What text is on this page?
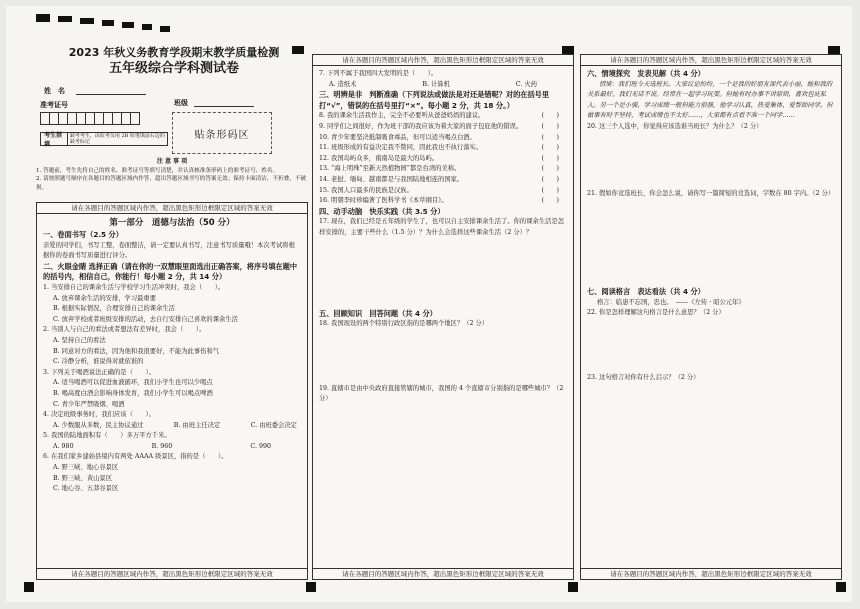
2023 年秋义务教育学段期末教学质量检测
五年级综合学科测试卷
姓　名
准考证号	班级
贴条形码区
考生禁填
缺考考生，由监考员用 2B 铅笔填涂右边的缺考标记
注 意 事 项
1. 答题前，考生先将自己的姓名、准考证号等填写清楚，并认真核准条形码上的准考证号、姓名。
2. 请按照题号顺序在各题目的答题区域内作答，超出答题区域书写的答案无效；保持卡面清洁，不折叠，不破损。
请在各题目的答题区域内作答，超出黑色矩形边框限定区域的答案无效
第一部分　道德与法治（50 分）
一、卷面书写（2.5 分）
亲爱的同学们，书写工整，卷面整洁，请一定要认真书写，注意书写质量哦！本次考试将根据你的卷面书写质量进行评分。
二、火眼金睛 选择正确（请在你的一双慧眼里面选出正确答案，将序号填在题中的括号内，相信自己，你能行！每小题 2 分，共 14 分）
1. 当安排自己的课余生活与学校学习生活冲突时，我会（　　）。
A. 放弃课余生活的安排，学习最重要
B. 根据实际情况，合理安排自己的课余生活
C. 放弃学校或者班级安排的活动，去自行安排自己喜欢的课余生活
2. 当别人与自己的看法或者想法有差异时，我会（　　）。
A. 坚持自己的看法
B. 同意对方的看法，因为他和我很要好，不能为此事伤和气
C. 冷静分析，谁说得对就依谁的
3. 下列关于喝酒说法正确的是（　　）。
A. 适当喝酒可以促进血液循环，我们小学生也可以少喝点
B. 喝高度白酒会影响身体发育，我们小学生可以喝点啤酒
C. 青少年严禁吸烟、喝酒
4. 决定班级事务时，我们应该（　　）。
A. 少数服从多数，民主协议通过	B. 由班主任决定	C. 由班委会决定
5. 我国的陆地面积有（　　）多万平方千米。
A. 980	B. 960	C. 990
6. 在我们家乡建始县境内有两处 AAAA 级景区，指的是（　　）。
A. 野三峡、地心谷景区
B. 野三峡、黄山景区
C. 地心谷、五莽谷景区
请在各题目的答题区域内作答，超出黑色矩形边框限定区域的答案无效
请在各题目的答题区域内作答，超出黑色矩形边框限定区域的答案无效
7. 下列不属于我国四大发明的是（　　）。
A. 造纸术	B. 计算机	C. 火药
三、明辨是非　判断准确（下列说法或做法是对还是错呢？对的在括号里打“√”，错误的在括号里打“×”。每小题 2 分，共 18 分。）
8. 我的课余生活我作主，完全不必要听从爸爸妈妈的建议。	(　　)
9. 同学们之间很好，作为班干部的我应该为着大家的面子包庇他的错误。	(　　)
10. 青少年要坚决抵制吸食毒品，但可以适当喝点白酒。	(　　)
11. 班级形成的有益决定我不赞同，因此我也不执行落实。	(　　)
12. 我国岛屿众多，南南岛是最大的岛屿。	(　　)
13. “海上明珠”至新天然植物园”都是台湾的美称。	(　　)
14. 老挝、缅甸、越南都是与我国陆地相连的国家。	(　　)
15. 我国人口最多的民族是汉族。	(　　)
16. 明朝李时珍编著了医科学书《本草纲目》。	(　　)
四、动手动脑　快乐实践（共 3.5 分）
17. 现在，我们已经是五年级的学生了，也可以自主安排课余生活了。你的课余生活是怎样安排的，主要干些什么（1.5 分）？为什么会选择这些课余生活（2 分）？
五、回顾知识　回答问题（共 4 分）
18. 我国现设的两个特别行政区指的是哪两个地区？（2 分）
19. 直辖市是由中央政府直接管辖的城市，我国的 4 个直辖市分别指的是哪些城市？（2 分）
请在各题目的答题区域内作答，超出黑色矩形边框限定区域的答案无效
请在各题目的答题区域内作答，超出黑色矩形边框限定区域的答案无效
六、情境探究　发表见解（共 4 分）
情境：我们班今天选班长。大家议论纷纷，一个是我的好朋友课代表小丽，她和我的关系最好。我们无话不说。经常在一起学习玩耍。但她有时办事不讲原则，喜欢包庇私人。另一个是小强，学习成绩一般但能力很强，他学习认真，热爱集体，爱帮助同学。但做事有时不坚持，考试成绩也不太好……，大家都有点看不准一个同学……
20. 这三个人选中，你觉得应该选谁当班长？为什么？（2 分）
21. 假如你竞选班长，你会怎么说，请你写一篇简短的竞选词，字数在 80 字内。（2 分）
七、阅读格言　表达看法（共 4 分）
格言：临患不忘国，忠也。　——《左传 · 昭公元年》
22. 你是怎样理解这句格言是什么意思？（2 分）
23. 这句格言对你有什么启示？（2 分）
请在各题目的答题区域内作答，超出黑色矩形边框限定区域的答案无效
